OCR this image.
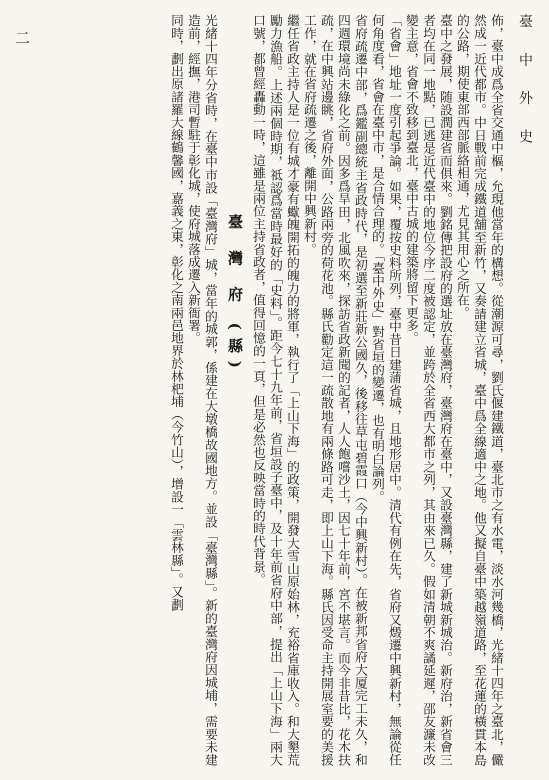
臺 中 外 史
二	佈，臺中成爲全省交通中樞，允現他當年的構想。從潮源可尋，劉氏偃建鐵道，臺北市之有水電，淡水河幾橋，光緒十四年之臺北，儼然成一近代都市。中日戰前完成鐵道舖至新竹，又奏請建立省城，臺中爲全線適中之地。他又擬自臺中築越嶺道路，至花蓮的橫貫本島的公路，期使東部西部脈絡相通，尤見其用心之所在。

臺中之發展，随設潤建省而俱來。劉銘傳把設府的選址放在臺灣府，臺灣府在臺中，又設臺灣縣，建了新城新城治。新府治，新省會三者均在同一地點，已逃是近代臺中的地位今序二度被認定，並跨於全省西大都市之列，其由來已久。假如清朝不爽譎延遲，邵友濂未改變主意，省會不致移到臺北，臺中古城的建築將留下更多。

「省會」地址一度引起爭論。如果，覆按史料所列，臺中昔日建蒲省城，且地形居中。清代有例在先，省府又燬遷中興新村，無論從任何角度看，省會在臺中市，是合情合理的。「臺中外史」對省垣的變遷，也有明白論列。

省府疏遷中部，爲鑑副總統主省政時代，是初選至新莊新公國久，後移往草屯碧霞口（今中興新村）。在被新邦省府大厦完工未久，和四週環境尚未綠化之前。因多爲旱田，北風吹來，探訪省政新聞的記者，人人飽嚐沙土，因七十年前，宮不堪言。而今非昔比，花木扶疏，在中興站邊眺，省府外面，公路兩旁的荷花池。縣氏勸定這一疏散地有兩條路可走，即上山下海。縣氏因受命主持開展室要的美援工作，就在省府疏遷之後，離開中興新村。

繼任省政主持人是一位有城才豪有蠍魄開拓的魄力的將軍，執行了「上山下海」的政策，開發大雪山原始林，充裕省庫收入。和大墾荒勵力漁船。上述兩個時期，祗認爲當時最好的「史料」。距今七十九年前，省垣設子臺中，及十年前省府中部，提出「上山下海」兩大口號，都曾經轟動一時，這雖是兩位主持省政者，值得回憶的一頁，但是必然也反映當時的時代背景。

臺 灣 府 (縣)

光緒十四年分省時，在臺中市設「臺灣府」城，當年的城郭，係建在大墩橋故國地方。並設「臺灣縣」。新的臺灣府因城埔，需要未建造前，經撫，港司暫駐于彰化城，使府城落成遷入新衙署。

同時，劃出原諸羅大線鶴馨國，嘉義之東，彰化之南兩邑地界於林杷埔（今竹山），增設一「雲林縣」。又劃
